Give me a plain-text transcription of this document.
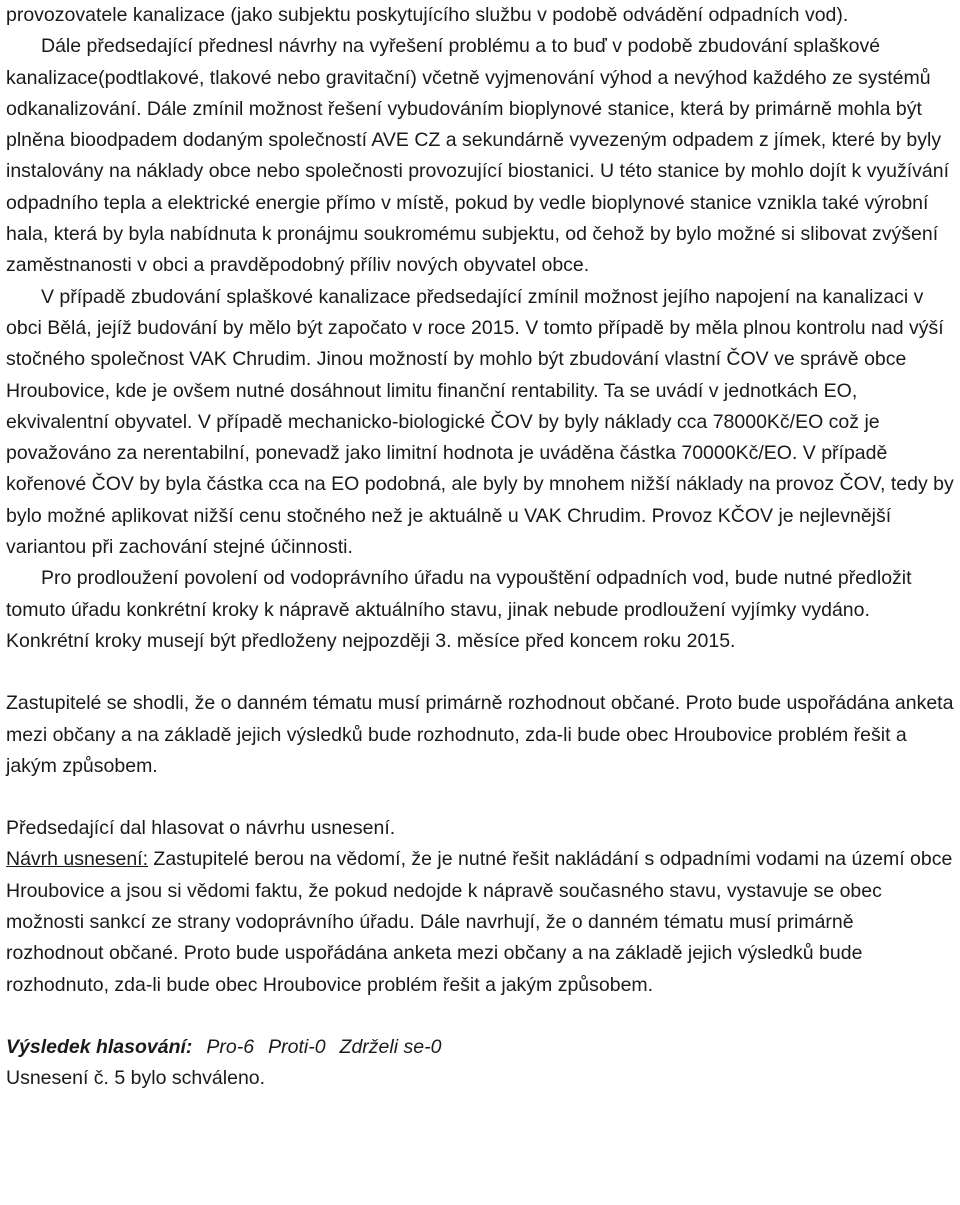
provozovatele kanalizace (jako subjektu poskytujícího službu v podobě odvádění odpadních vod).

Dále předsedající přednesl návrhy na vyřešení problému a to buď v podobě zbudování splaškové kanalizace(podtlakové, tlakové nebo gravitační) včetně vyjmenování výhod a nevýhod každého ze systémů odkanalizování. Dále zmínil možnost řešení vybudováním bioplynové stanice, která by primárně mohla být plněna bioodpadem dodaným společností AVE CZ a sekundárně vyvezeným odpadem z jímek, které by byly instalovány na náklady obce nebo společnosti provozující biostanici. U této stanice by mohlo dojít k využívání odpadního tepla a elektrické energie přímo v místě, pokud by vedle bioplynové stanice vznikla také výrobní hala, která by byla nabídnuta k pronájmu soukromému subjektu, od čehož by bylo možné si slibovat zvýšení zaměstnanosti v obci a pravděpodobný příliv nových obyvatel obce.

V případě zbudování splaškové kanalizace předsedající zmínil možnost jejího napojení na kanalizaci v obci Bělá, jejíž budování by mělo být započato v roce 2015. V tomto případě by měla plnou kontrolu nad výší stočného společnost VAK Chrudim. Jinou možností by mohlo být zbudování vlastní ČOV ve správě obce Hroubovice, kde je ovšem nutné dosáhnout limitu finanční rentability. Ta se uvádí v jednotkách EO, ekvivalentní obyvatel. V případě mechanicko-biologické ČOV by byly náklady cca 78000Kč/EO což je považováno za nerentabilní, ponevadž jako limitní hodnota je uváděna částka 70000Kč/EO. V případě kořenové ČOV by byla částka cca na EO podobná, ale byly by mnohem nižší náklady na provoz ČOV, tedy by bylo možné aplikovat nižší cenu stočného než je aktuálně u VAK Chrudim. Provoz KČOV je nejlevnější variantou při zachování stejné účinnosti.

Pro prodloužení povolení od vodoprávního úřadu na vypouštění odpadních vod, bude nutné předložit tomuto úřadu konkrétní kroky k nápravě aktuálního stavu, jinak nebude prodloužení vyjímky vydáno. Konkrétní kroky musejí být předloženy nejpozději 3. měsíce před koncem roku 2015.

Zastupitelé se shodli, že o danném tématu musí primárně rozhodnout občané. Proto bude uspořádána anketa mezi občany a na základě jejich výsledků bude rozhodnuto, zda-li bude obec Hroubovice problém řešit a jakým způsobem.

Předsedající dal hlasovat o návrhu usnesení.

Návrh usnesení: Zastupitelé berou na vědomí, že je nutné řešit nakládání s odpadními vodami na území obce Hroubovice a jsou si vědomi faktu, že pokud nedojde k nápravě současného stavu, vystavuje se obec možnosti sankcí ze strany vodoprávního úřadu. Dále navrhují, že o danném tématu musí primárně rozhodnout občané. Proto bude uspořádána anketa mezi občany a na základě jejich výsledků bude rozhodnuto, zda-li bude obec Hroubovice problém řešit a jakým způsobem.

Výsledek hlasování: Pro-6 Proti-0 Zdrželi se-0

Usnesení č. 5 bylo schváleno.
